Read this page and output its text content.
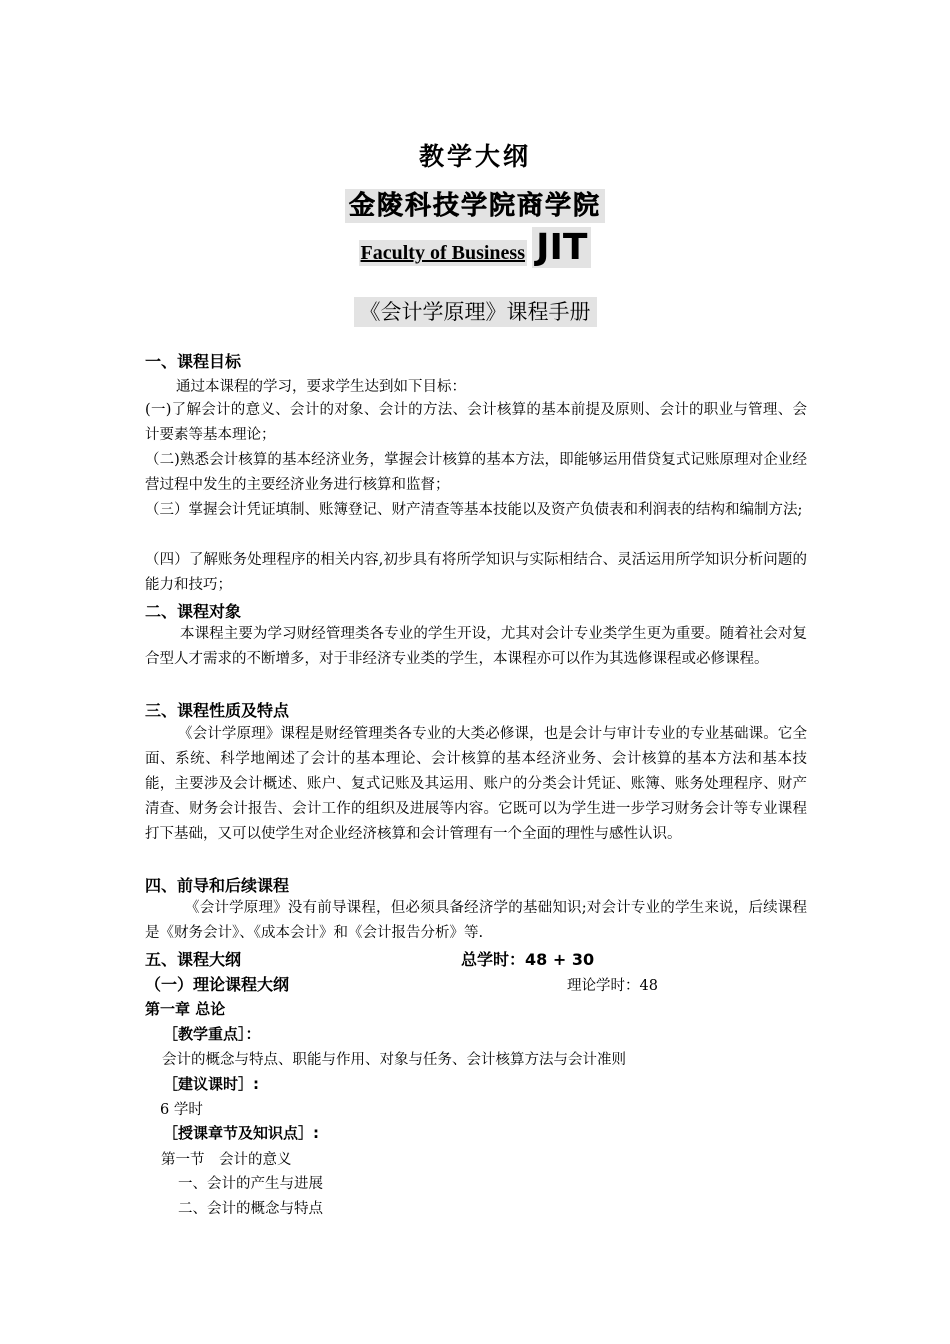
教学大纲
金陵科技学院商学院
Faculty of Business JIT
《会计学原理》课程手册
一、课程目标
通过本课程的学习，要求学生达到如下目标：
(一)了解会计的意义、会计的对象、会计的方法、会计核算的基本前提及原则、会计的职业与管理、会计要素等基本理论；
（二)熟悉会计核算的基本经济业务，掌握会计核算的基本方法，即能够运用借贷复式记账原理对企业经营过程中发生的主要经济业务进行核算和监督；
（三）掌握会计凭证填制、账簿登记、财产清查等基本技能以及资产负债表和利润表的结构和编制方法;
（四）了解账务处理程序的相关内容,初步具有将所学知识与实际相结合、灵活运用所学知识分析问题的能力和技巧；
二、课程对象
本课程主要为学习财经管理类各专业的学生开设，尤其对会计专业类学生更为重要。随着社会对复合型人才需求的不断增多，对于非经济专业类的学生，本课程亦可以作为其选修课程或必修课程。
三、课程性质及特点
《会计学原理》课程是财经管理类各专业的大类必修课，也是会计与审计专业的专业基础课。它全面、系统、科学地阐述了会计的基本理论、会计核算的基本经济业务、会计核算的基本方法和基本技能，主要涉及会计概述、账户、复式记账及其运用、账户的分类会计凭证、账簿、账务处理程序、财产清查、财务会计报告、会计工作的组织及进展等内容。它既可以为学生进一步学习财务会计等专业课程打下基础，又可以使学生对企业经济核算和会计管理有一个全面的理性与感性认识。
四、前导和后续课程
《会计学原理》没有前导课程，但必须具备经济学的基础知识;对会计专业的学生来说，后续课程是《财务会计》、《成本会计》和《会计报告分析》等.
五、课程大纲	总学时：48 + 30
（一）理论课程大纲	理论学时：48
第一章 总论
［教学重点］：
会计的概念与特点、职能与作用、对象与任务、会计核算方法与会计准则
［建议课时］:
6 学时
［授课章节及知识点］:
第一节　会计的意义
一、会计的产生与进展
二、会计的概念与特点
